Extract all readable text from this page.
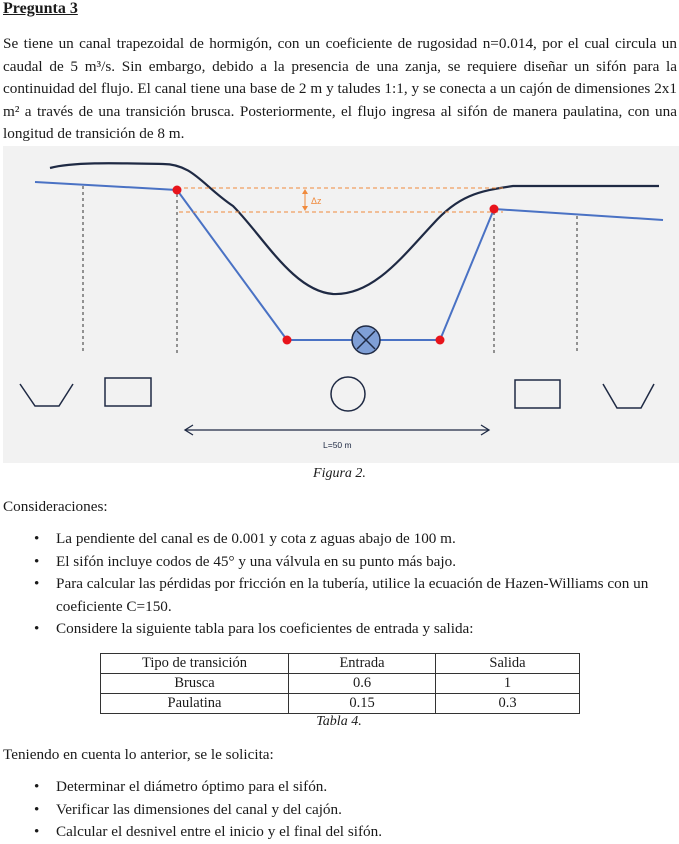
Pregunta 3

Se tiene un canal trapezoidal de hormigón, con un coeficiente de rugosidad n=0.014, por el cual circula un caudal de 5 m³/s. Sin embargo, debido a la presencia de una zanja, se requiere diseñar un sifón para la continuidad del flujo. El canal tiene una base de 2 m y taludes 1:1, y se conecta a un cajón de dimensiones 2x1 m² a través de una transición brusca. Posteriormente, el flujo ingresa al sifón de manera paulatina, con una longitud de transición de 8 m.

Δz
L=50 m
Figura 2.
Consideraciones:
• La pendiente del canal es de 0.001 y cota z aguas abajo de 100 m.
• El sifón incluye codos de 45° y una válvula en su punto más bajo.
• Para calcular las pérdidas por fricción en la tubería, utilice la ecuación de Hazen-Williams con un coeficiente C=150.
• Considere la siguiente tabla para los coeficientes de entrada y salida:
Tipo de transición	Entrada	Salida
Brusca	0.6	1
Paulatina	0.15	0.3
Tabla 4.
Teniendo en cuenta lo anterior, se le solicita:
• Determinar el diámetro óptimo para el sifón.
• Verificar las dimensiones del canal y del cajón.
• Calcular el desnivel entre el inicio y el final del sifón.
